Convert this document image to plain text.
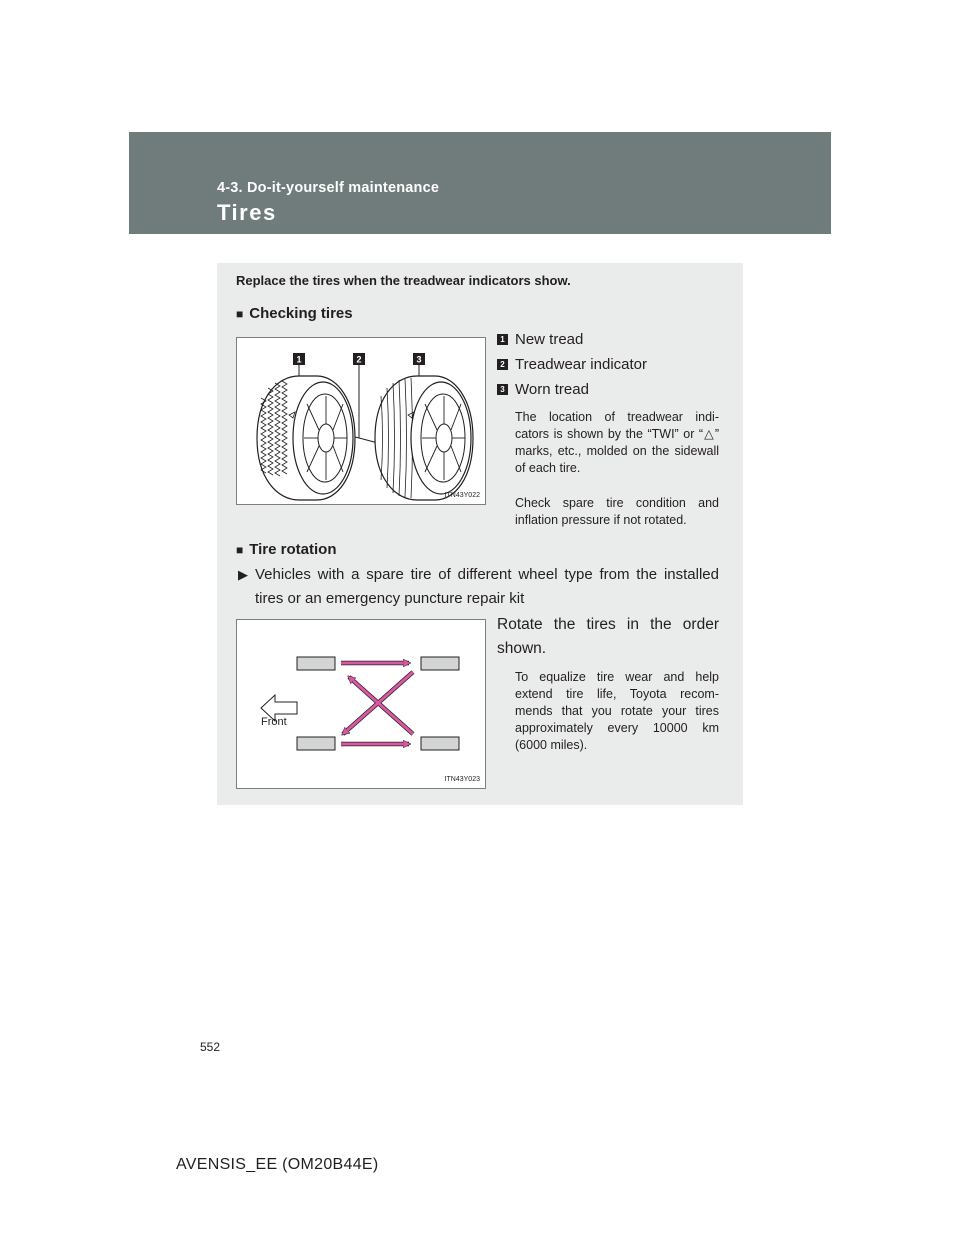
4-3. Do-it-yourself maintenance
Tires
Replace the tires when the treadwear indicators show.
■ Checking tires
1	2	3
ITN43Y022
1 New tread
2 Treadwear indicator
3 Worn tread
The location of treadwear indi- cators is shown by the “TWI” or “△” marks, etc., molded on the sidewall of each tire.
Check spare tire condition and inflation pressure if not rotated.
■ Tire rotation
▶ Vehicles with a spare tire of different wheel type from the installed tires or an emergency puncture repair kit
Front
ITN43Y023
Rotate the tires in the order shown.
To equalize tire wear and help extend tire life, Toyota recom- mends that you rotate your tires approximately every 10000 km (6000 miles).
552
AVENSIS_EE (OM20B44E)
